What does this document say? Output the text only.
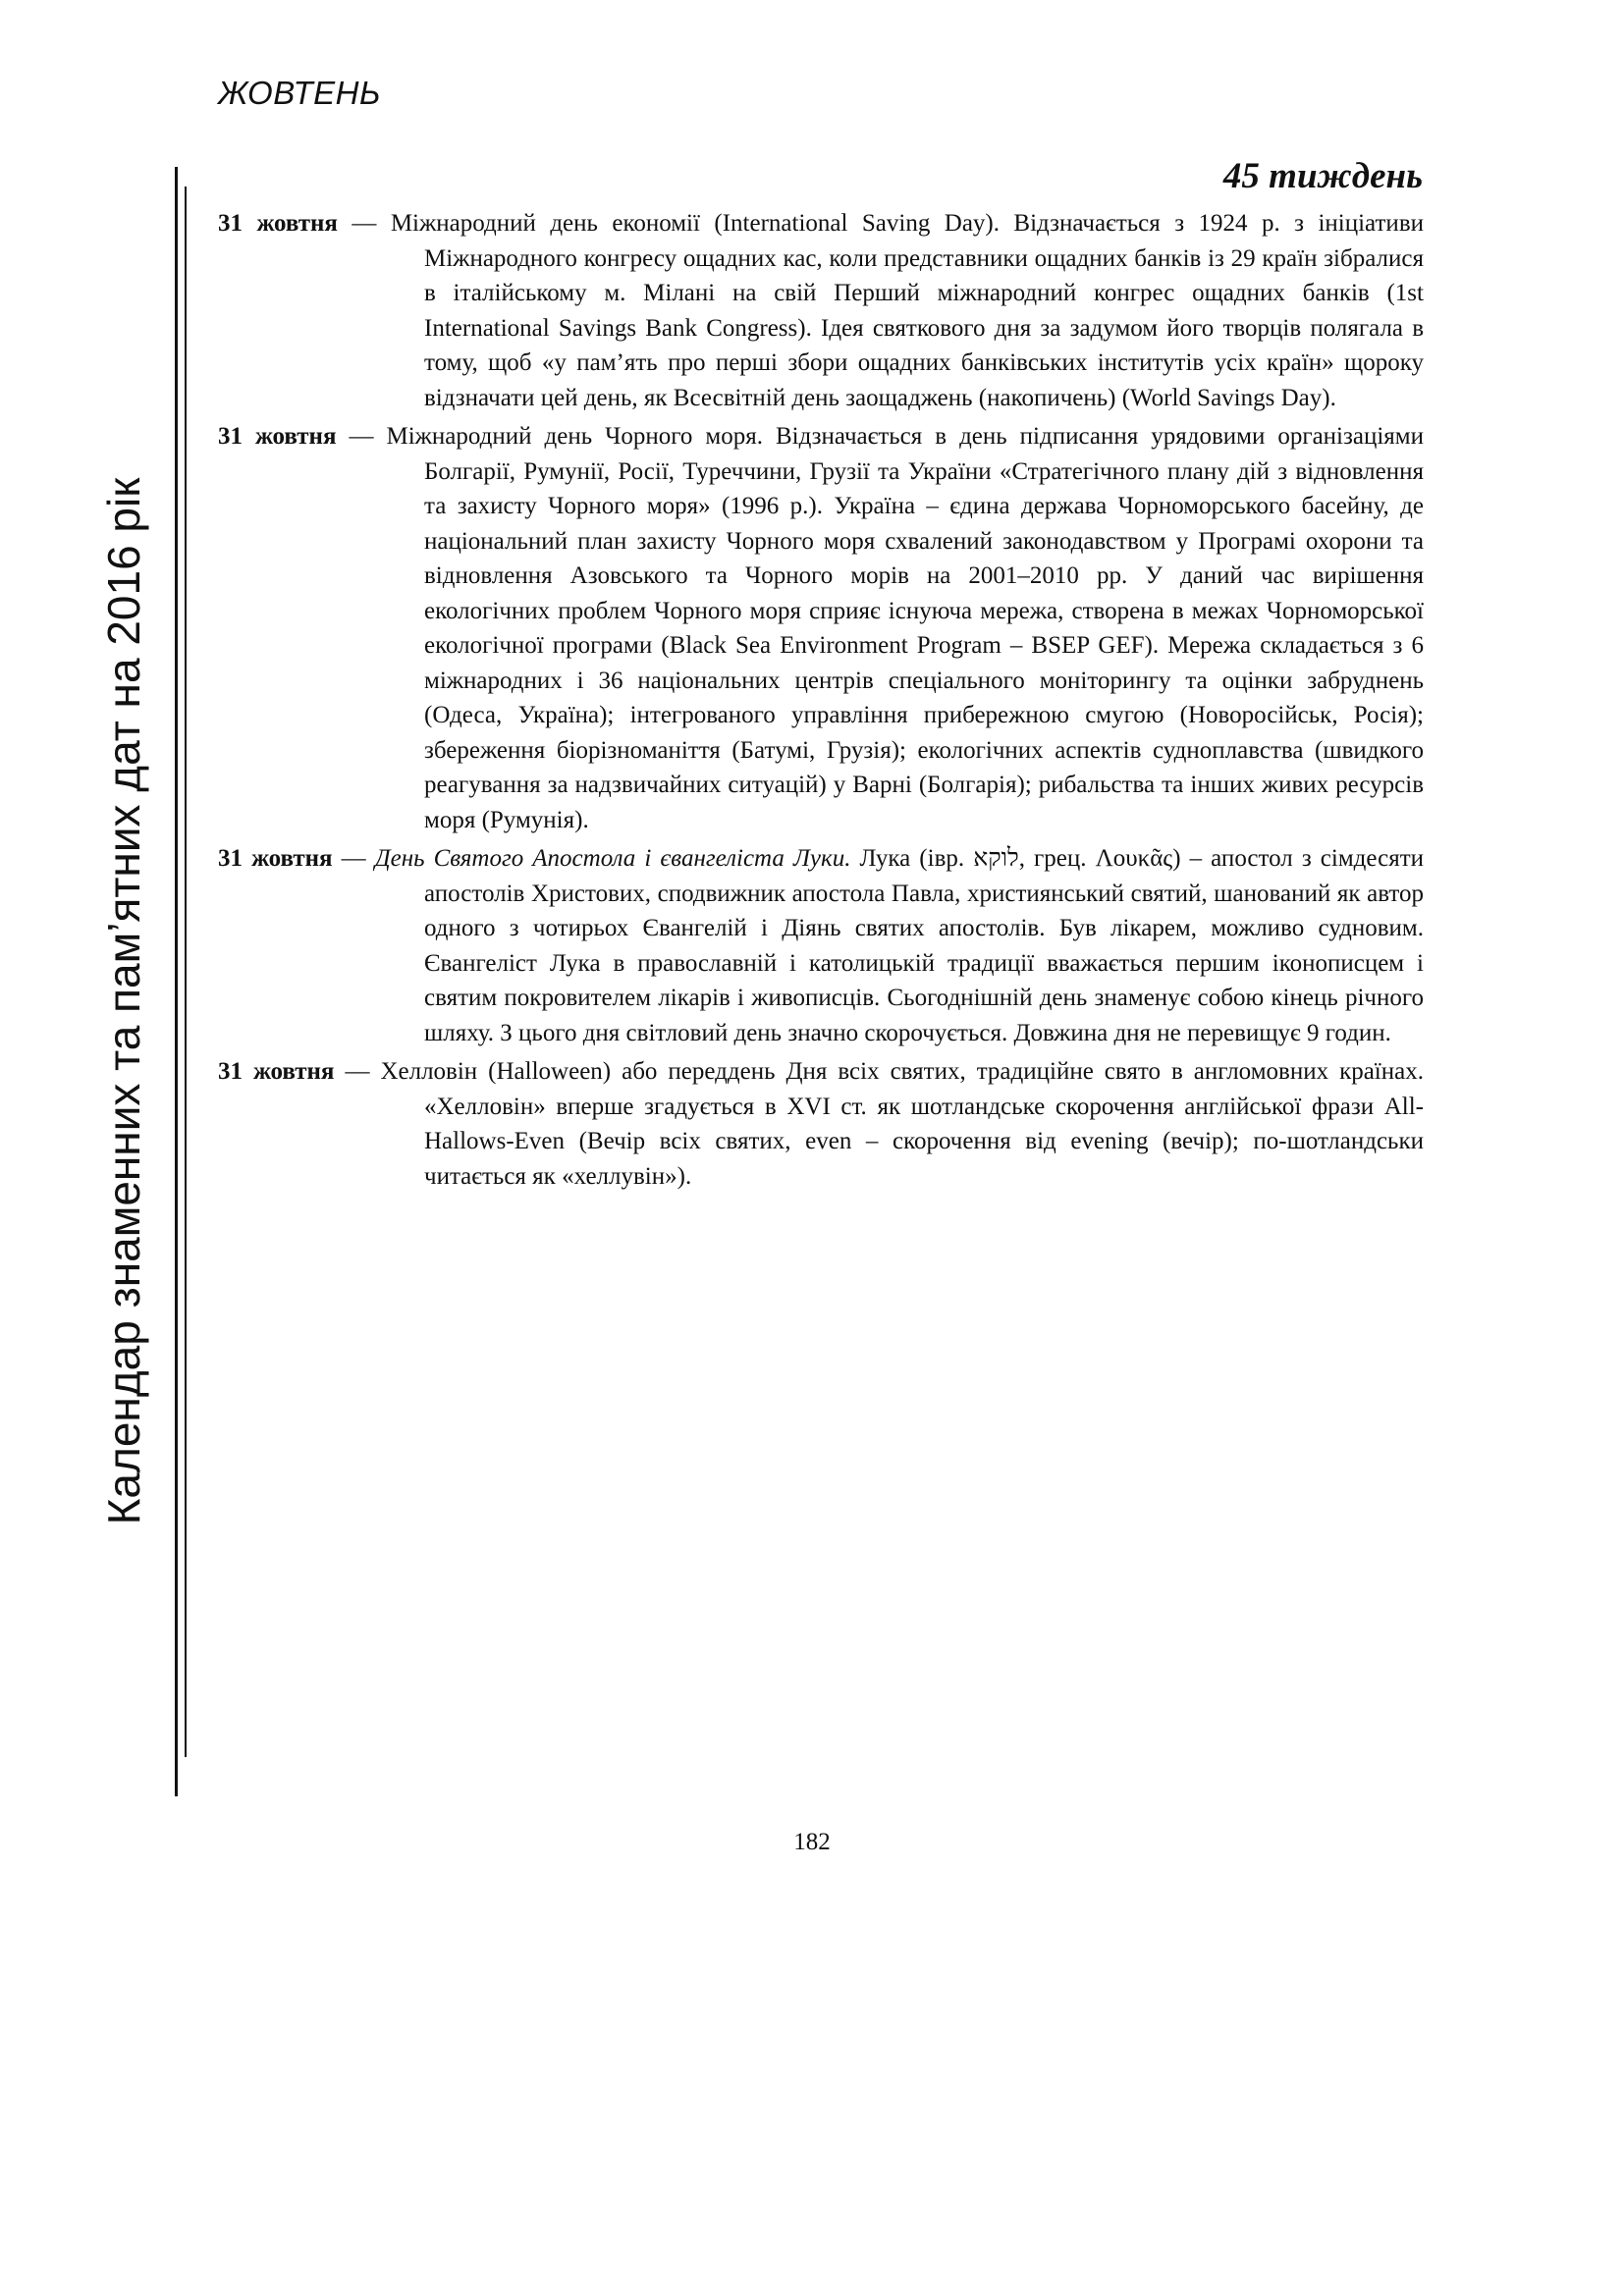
ЖОВТЕНЬ
Календар знаменних та пам’ятних дат на 2016 рік
45 тиждень

31 жовтня — Міжнародний день економії (International Saving Day). Відзначається з 1924 р. з ініціативи Міжнародного конгресу ощадних кас, коли представники ощадних банків із 29 країн зібралися в італійському м. Мілані на свій Перший міжнародний конгрес ощадних банків (1st International Savings Bank Congress). Ідея святкового дня за задумом його творців полягала в тому, щоб «у пам’ять про перші збори ощадних банківських інститутів усіх країн» щороку відзначати цей день, як Всесвітній день заощаджень (накопичень) (World Savings Day).

31 жовтня — Міжнародний день Чорного моря. Відзначається в день підписання урядовими організаціями Болгарії, Румунії, Росії, Туреччини, Грузії та України «Стратегічного плану дій з відновлення та захисту Чорного моря» (1996 р.). Україна – єдина держава Чорноморського басейну, де національний план захисту Чорного моря схвалений законодавством у Програмі охорони та відновлення Азовського та Чорного морів на 2001–2010 рр. У даний час вирішення екологічних проблем Чорного моря сприяє існуюча мережа, створена в межах Чорноморської екологічної програми (Black Sea Environment Program – BSEP GEF). Мережа складається з 6 міжнародних і 36 національних центрів спеціального моніторингу та оцінки забруднень (Одеса, Україна); інтегрованого управління прибережною смугою (Новоросійськ, Росія); збереження біорізноманіття (Батумі, Грузія); екологічних аспектів судноплавства (швидкого реагування за надзвичайних ситуацій) у Варні (Болгарія); рибальства та інших живих ресурсів моря (Румунія).

31 жовтня — День Святого Апостола і євангеліста Луки. Лука (івр. לוקא, грец. Λουκᾶς) – апостол з сімдесяти апостолів Христових, сподвижник апостола Павла, християнський святий, шанований як автор одного з чотирьох Євангелій і Діянь святих апостолів. Був лікарем, можливо судновим. Євангеліст Лука в православній і католицькій традиції вважається першим іконописцем і святим покровителем лікарів і живописців. Сьогоднішній день знаменує собою кінець річного шляху. З цього дня світловий день значно скорочується. Довжина дня не перевищує 9 годин.

31 жовтня — Хелловін (Halloween) або переддень Дня всіх святих, традиційне свято в англомовних країнах. «Хелловін» вперше згадується в XVI ст. як шотландське скорочення англійської фрази All-Hallows-Even (Вечір всіх святих, even – скорочення від evening (вечір); по-шотландськи читається як «хеллувін»).

182
